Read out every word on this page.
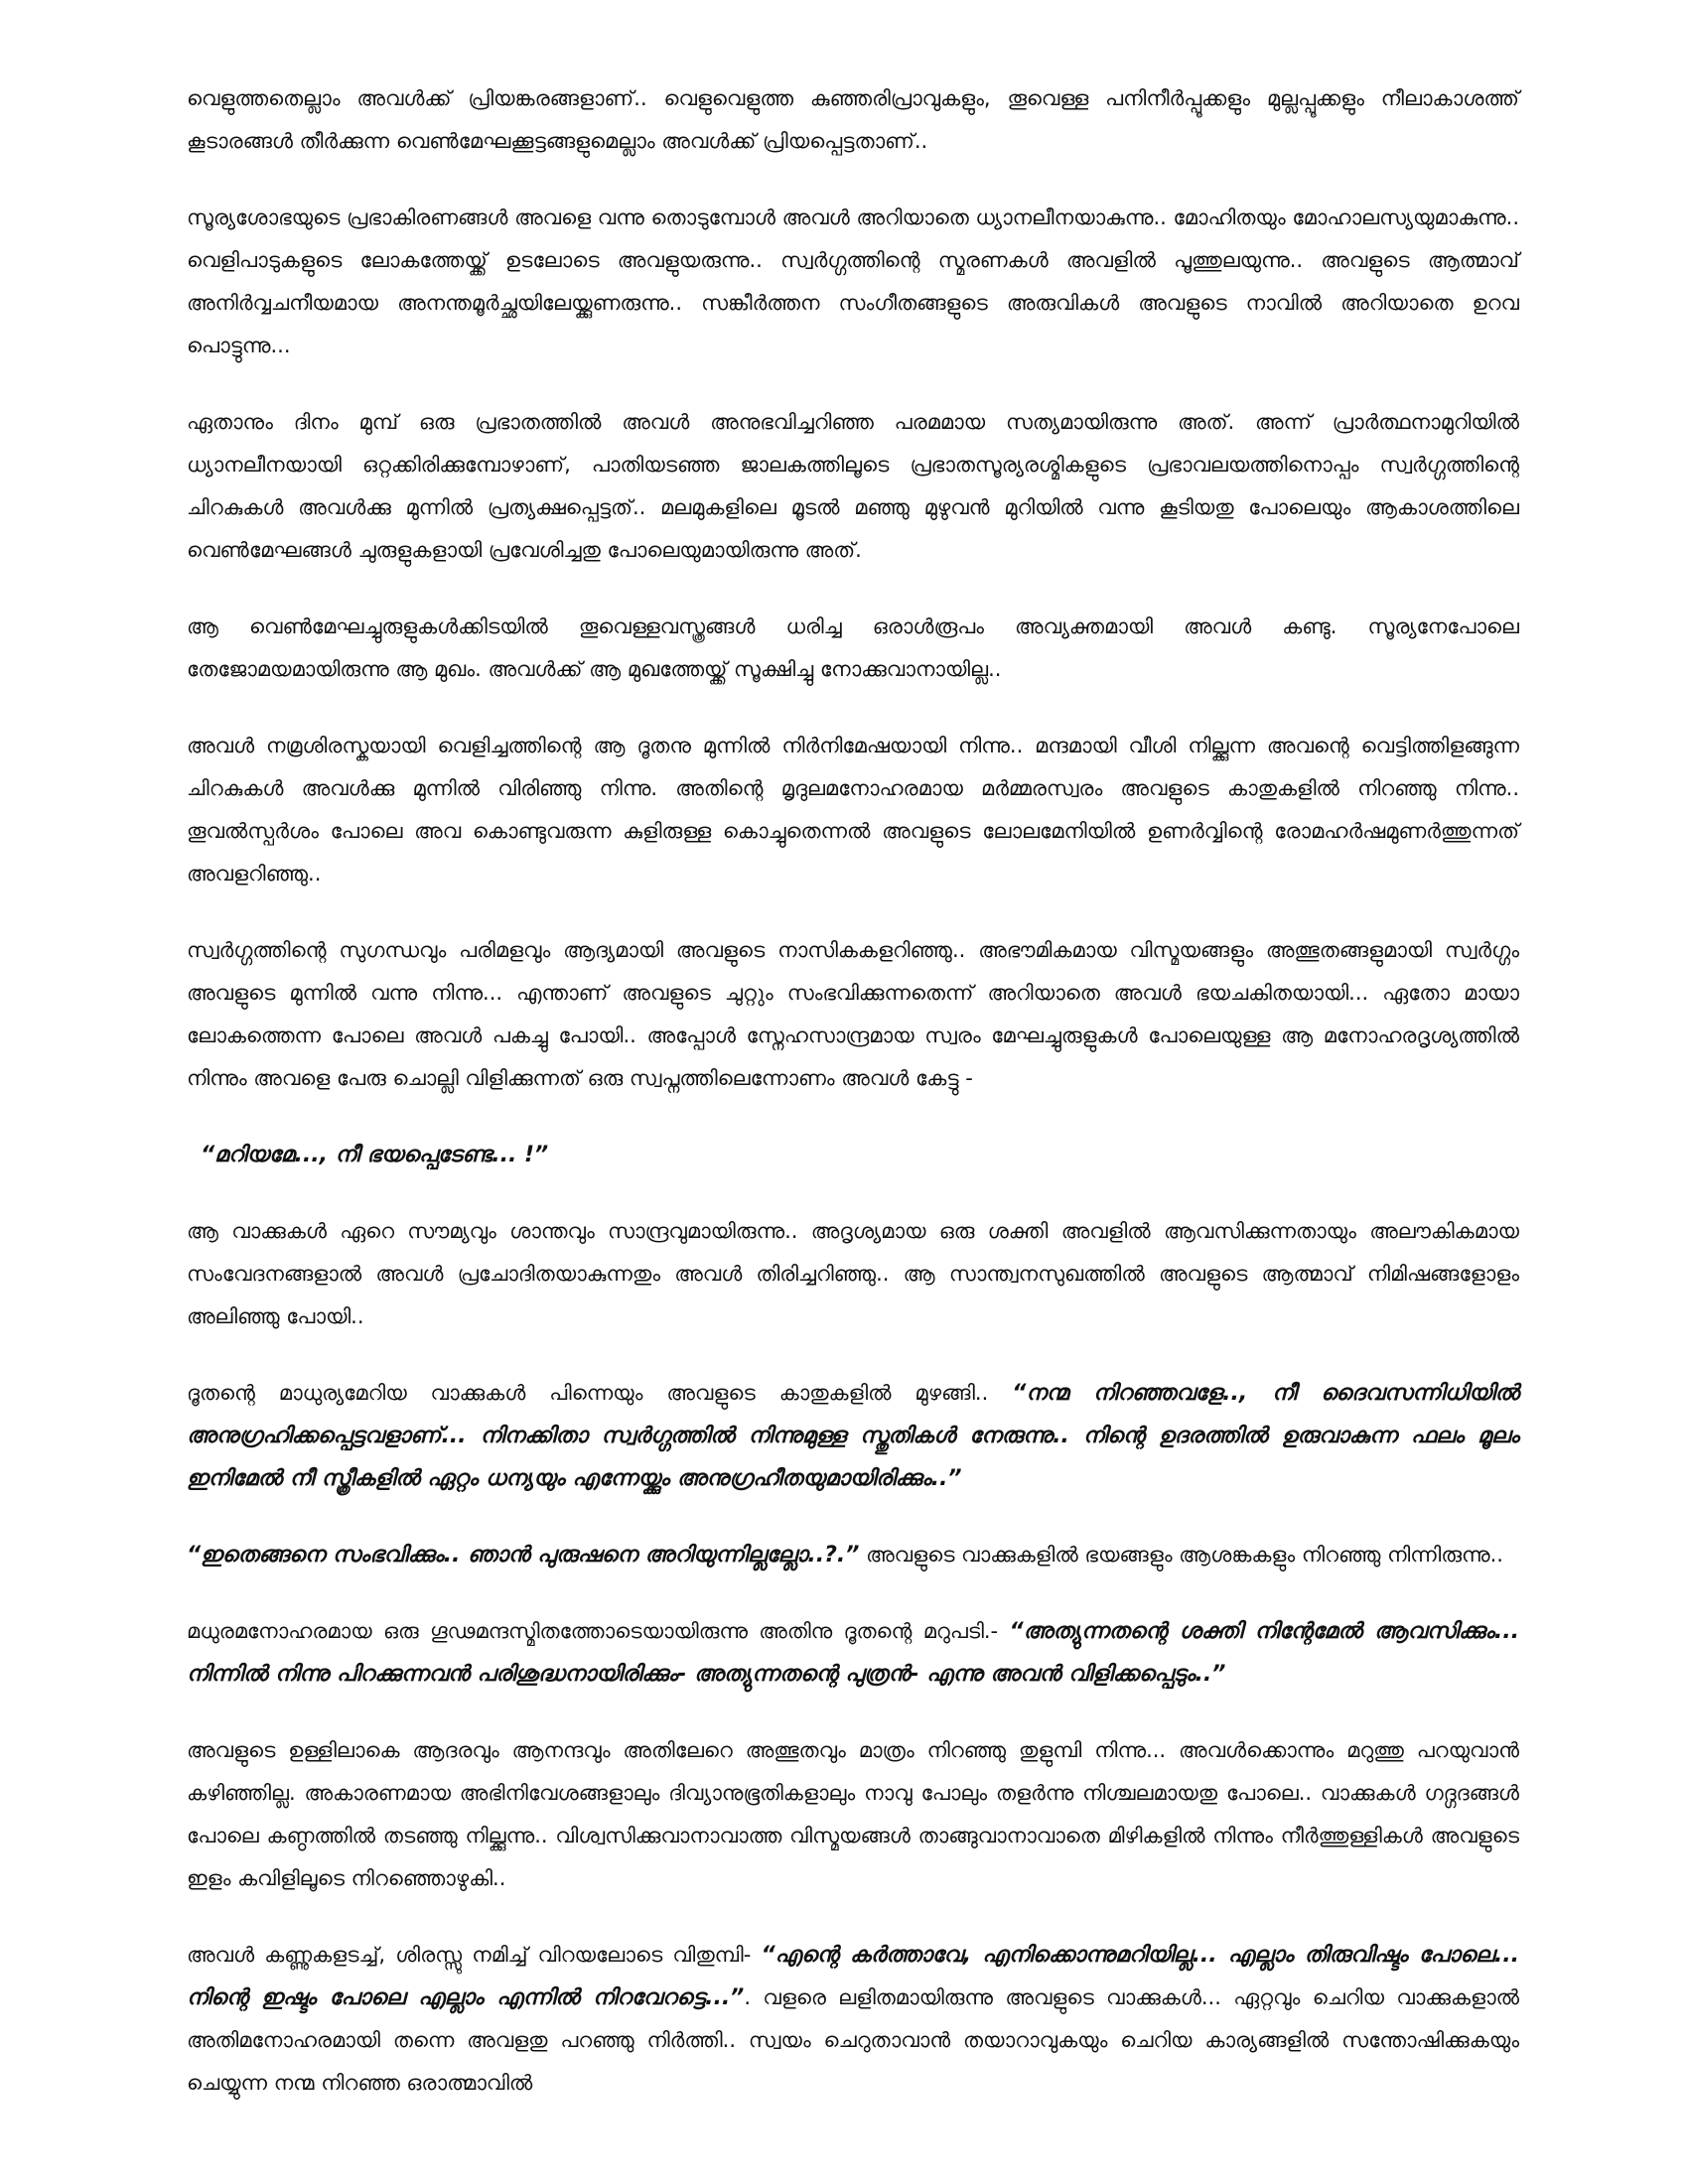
വെളുത്തതെല്ലാം അവൾക്ക് പ്രിയങ്കരങ്ങളാണ്.. വെളുവെളുത്ത കുഞ്ഞരിപ്രാവുകളും, തൂവെള്ള പനിനീർപ്പൂക്കളും മുല്ലപ്പൂക്കളും നീലാകാശത്ത് കൂടാരങ്ങൾ തീർക്കുന്ന വെൺമേഘക്കൂട്ടങ്ങളുമെല്ലാം അവൾക്ക് പ്രിയപ്പെട്ടതാണ്..

സൂര്യശോഭയുടെ പ്രഭാകിരണങ്ങൾ അവളെ വന്നു തൊടുമ്പോൾ അവൾ അറിയാതെ ധ്യാനലീനയാകുന്നു.. മോഹിതയും മോഹാലസ്യയുമാകുന്നു.. വെളിപാടുകളുടെ ലോകത്തേയ്ക്ക് ഉടലോടെ അവളുയരുന്നു.. സ്വർഗ്ഗത്തിന്റെ സ്മരണകൾ അവളിൽ പൂത്തുലയുന്നു.. അവളുടെ ആത്മാവ് അനിർവ്വചനീയമായ അനന്തമൂർച്ഛയിലേയ്ക്കുണരുന്നു.. സങ്കീർത്തന സംഗീതങ്ങളുടെ അരുവികൾ അവളുടെ നാവിൽ അറിയാതെ ഉറവ പൊട്ടുന്നു...

ഏതാനും ദിനം മുമ്പ് ഒരു പ്രഭാതത്തിൽ അവൾ അനുഭവിച്ചറിഞ്ഞ പരമമായ സത്യമായിരുന്നു അത്. അന്ന് പ്രാർത്ഥനാമുറിയിൽ ധ്യാനലീനയായി ഒറ്റക്കിരിക്കുമ്പോഴാണ്, പാതിയടഞ്ഞ ജാലകത്തിലൂടെ പ്രഭാതസൂര്യരശ്മികളുടെ പ്രഭാവലയത്തിനൊപ്പം സ്വർഗ്ഗത്തിന്റെ ചിറകുകൾ അവൾക്കു മുന്നിൽ പ്രത്യക്ഷപ്പെട്ടത്.. മലമുകളിലെ മൂടൽ മഞ്ഞു മുഴുവൻ മുറിയിൽ വന്നു കൂടിയതു പോലെയും ആകാശത്തിലെ വെൺമേഘങ്ങൾ ചുരുളുകളായി പ്രവേശിച്ചതു പോലെയുമായിരുന്നു അത്.

ആ വെൺമേഘച്ചുരുളുകൾക്കിടയിൽ തൂവെള്ളവസ്ത്രങ്ങൾ ധരിച്ച ഒരാൾരൂപം അവ്യക്തമായി അവൾ കണ്ടു. സൂര്യനേപോലെ തേജോമയമായിരുന്നു ആ മുഖം. അവൾക്ക് ആ മുഖത്തേയ്ക്ക് സൂക്ഷിച്ചു നോക്കുവാനായില്ല..

അവൾ നമ്രശിരസ്കയായി വെളിച്ചത്തിന്റെ ആ ദൂതനു മുന്നിൽ നിർനിമേഷയായി നിന്നു.. മന്ദമായി വീശി നില്ക്കുന്ന അവന്റെ വെട്ടിത്തിളങ്ങുന്ന ചിറകുകൾ അവൾക്കു മുന്നിൽ വിരിഞ്ഞു നിന്നു. അതിന്റെ മൃദുലമനോഹരമായ മർമ്മരസ്വരം അവളുടെ കാതുകളിൽ നിറഞ്ഞു നിന്നു.. തൂവൽസ്പർശം പോലെ അവ കൊണ്ടുവരുന്ന കുളിരുള്ള കൊച്ചുതെന്നൽ അവളുടെ ലോലമേനിയിൽ ഉണർവ്വിന്റെ രോമഹർഷമുണർത്തുന്നത് അവളറിഞ്ഞു..

സ്വർഗ്ഗത്തിന്റെ സുഗന്ധവും പരിമളവും ആദ്യമായി അവളുടെ നാസികകളറിഞ്ഞു.. അഭൗമികമായ വിസ്മയങ്ങളും അത്ഭുതങ്ങളുമായി സ്വർഗ്ഗം അവളുടെ മുന്നിൽ വന്നു നിന്നു... എന്താണ് അവളുടെ ചുറ്റും സംഭവിക്കുന്നതെന്ന് അറിയാതെ അവൾ ഭയചകിതയായി... ഏതോ മായാ ലോകത്തെന്ന പോലെ അവൾ പകച്ചു പോയി.. അപ്പോൾ സ്നേഹസാന്ദ്രമായ സ്വരം മേഘച്ചുരുളുകൾ പോലെയുള്ള ആ മനോഹരദൃശ്യത്തിൽ നിന്നും അവളെ പേരു ചൊല്ലി വിളിക്കുന്നത് ഒരു സ്വപ്നത്തിലെന്നോണം അവൾ കേട്ടു -

“മറിയമേ..., നീ ഭയപ്പെടേണ്ട... !”

ആ വാക്കുകൾ ഏറെ സൗമ്യവും ശാന്തവും സാന്ദ്രവുമായിരുന്നു.. അദൃശ്യമായ ഒരു ശക്തി അവളിൽ ആവസിക്കുന്നതായും അലൗകികമായ സംവേദനങ്ങളാൽ അവൾ പ്രചോദിതയാകുന്നതും അവൾ തിരിച്ചറിഞ്ഞു.. ആ സാന്ത്വനസുഖത്തിൽ അവളുടെ ആത്മാവ് നിമിഷങ്ങളോളം അലിഞ്ഞു പോയി..

ദൂതന്റെ മാധുര്യമേറിയ വാക്കുകൾ പിന്നെയും അവളുടെ കാതുകളിൽ മുഴങ്ങി.. “നന്മ നിറഞ്ഞവളേ.., നീ ദൈവസന്നിധിയിൽ അനുഗ്രഹിക്കപ്പെട്ടവളാണ്... നിനക്കിതാ സ്വർഗ്ഗത്തിൽ നിന്നുമുള്ള സ്തുതികൾ നേരുന്നു.. നിന്റെ ഉദരത്തിൽ ഉരുവാകുന്ന ഫലം മൂലം ഇനിമേൽ നീ സ്ത്രീകളിൽ ഏറ്റം ധന്യയും എന്നേയ്ക്കും അനുഗ്രഹീതയുമായിരിക്കും..”

“ഇതെങ്ങനെ സംഭവിക്കും.. ഞാൻ പുരുഷനെ അറിയുന്നില്ലല്ലോ..?.” അവളുടെ വാക്കുകളിൽ ഭയങ്ങളും ആശങ്കകളും നിറഞ്ഞു നിന്നിരുന്നു..

മധുരമനോഹരമായ ഒരു ഗൂഢമന്ദസ്മിതത്തോടെയായിരുന്നു അതിനു ദൂതന്റെ മറുപടി.- “അത്യുന്നതന്റെ ശക്തി നിന്റേമേൽ ആവസിക്കും... നിന്നിൽ നിന്നു പിറക്കുന്നവൻ പരിശുദ്ധനായിരിക്കും- അത്യുന്നതന്റെ പുത്രൻ- എന്നു അവൻ വിളിക്കപ്പെടും..”

അവളുടെ ഉള്ളിലാകെ ആദരവും ആനന്ദവും അതിലേറെ അത്ഭുതവും മാത്രം നിറഞ്ഞു തുളുമ്പി നിന്നു... അവൾക്കൊന്നും മറുത്തു പറയുവാൻ കഴിഞ്ഞില്ല. അകാരണമായ അഭിനിവേശങ്ങളാലും ദിവ്യാനുഭൂതികളാലും നാവു പോലും തളർന്നു നിശ്ചലമായതു പോലെ.. വാക്കുകൾ ഗദ്ഗദങ്ങൾ പോലെ കണ്ഠത്തിൽ തടഞ്ഞു നില്ക്കുന്നു.. വിശ്വസിക്കുവാനാവാത്ത വിസ്മയങ്ങൾ താങ്ങുവാനാവാതെ മിഴികളിൽ നിന്നും നീർത്തുള്ളികൾ അവളുടെ ഇളം കവിളിലൂടെ നിറഞ്ഞൊഴുകി..

അവൾ കണ്ണുകളടച്ച്, ശിരസ്സു നമിച്ച് വിറയലോടെ വിതുമ്പി- “എന്റെ കർത്താവേ, എനിക്കൊന്നുമറിയില്ല... എല്ലാം തിരുവിഷ്ടം പോലെ... നിന്റെ ഇഷ്ടം പോലെ എല്ലാം എന്നിൽ നിറവേറട്ടെ...”. വളരെ ലളിതമായിരുന്നു അവളുടെ വാക്കുകൾ... ഏറ്റവും ചെറിയ വാക്കുകളാൽ അതിമനോഹരമായി തന്നെ അവളതു പറഞ്ഞു നിർത്തി.. സ്വയം ചെറുതാവാൻ തയാറാവുകയും ചെറിയ കാര്യങ്ങളിൽ സന്തോഷിക്കുകയും ചെയ്യുന്ന നന്മ നിറഞ്ഞ ഒരാത്മാവിൽ
